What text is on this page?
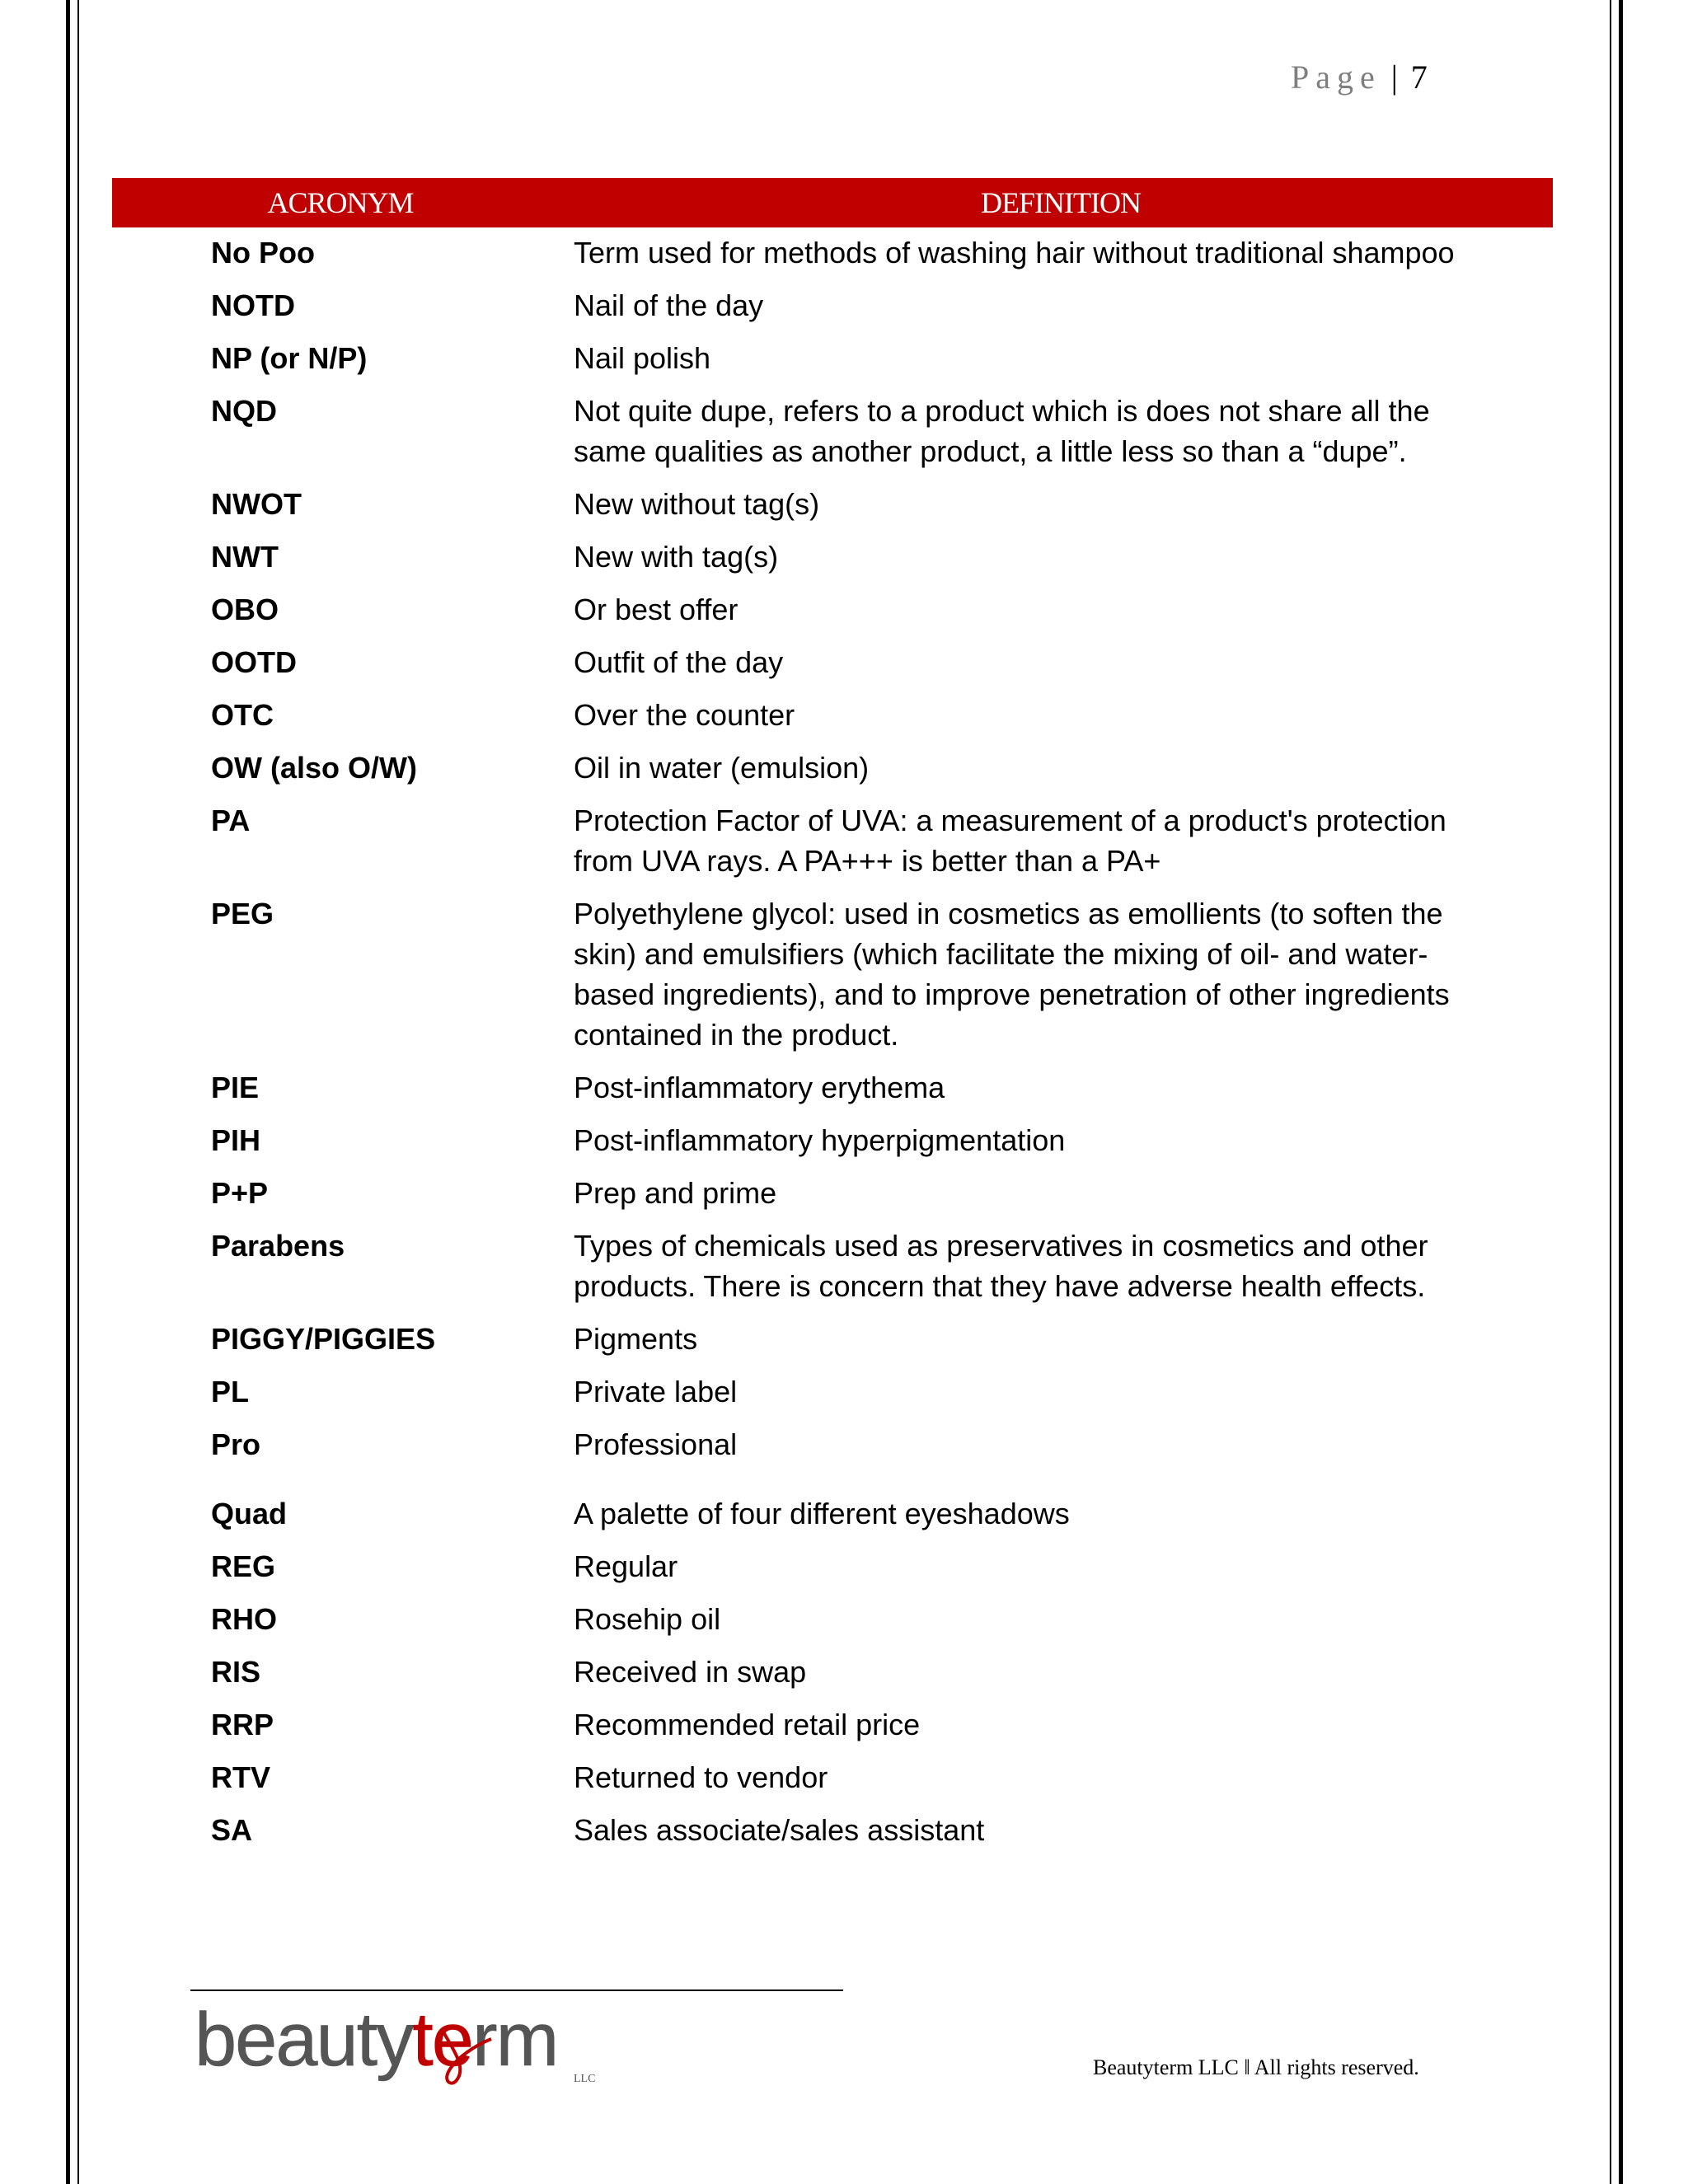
Page | 7
ACRONYM	DEFINITION
No Poo	Term used for methods of washing hair without traditional shampoo
NOTD	Nail of the day
NP (or N/P)	Nail polish
NQD	Not quite dupe, refers to a product which is does not share all the same qualities as another product, a little less so than a “dupe”.
NWOT	New without tag(s)
NWT	New with tag(s)
OBO	Or best offer
OOTD	Outfit of the day
OTC	Over the counter
OW (also O/W)	Oil in water (emulsion)
PA	Protection Factor of UVA: a measurement of a product's protection from UVA rays. A PA+++ is better than a PA+
PEG	Polyethylene glycol: used in cosmetics as emollients (to soften the skin) and emulsifiers (which facilitate the mixing of oil- and water-based ingredients), and to improve penetration of other ingredients contained in the product.
PIE	Post-inflammatory erythema
PIH	Post-inflammatory hyperpigmentation
P+P	Prep and prime
Parabens	Types of chemicals used as preservatives in cosmetics and other products. There is concern that they have adverse health effects.
PIGGY/PIGGIES	Pigments
PL	Private label
Pro	Professional
Quad	A palette of four different eyeshadows
REG	Regular
RHO	Rosehip oil
RIS	Received in swap
RRP	Recommended retail price
RTV	Returned to vendor
SA	Sales associate/sales assistant
beautyterm LLC	Beautyterm LLC ǁ All rights reserved.
